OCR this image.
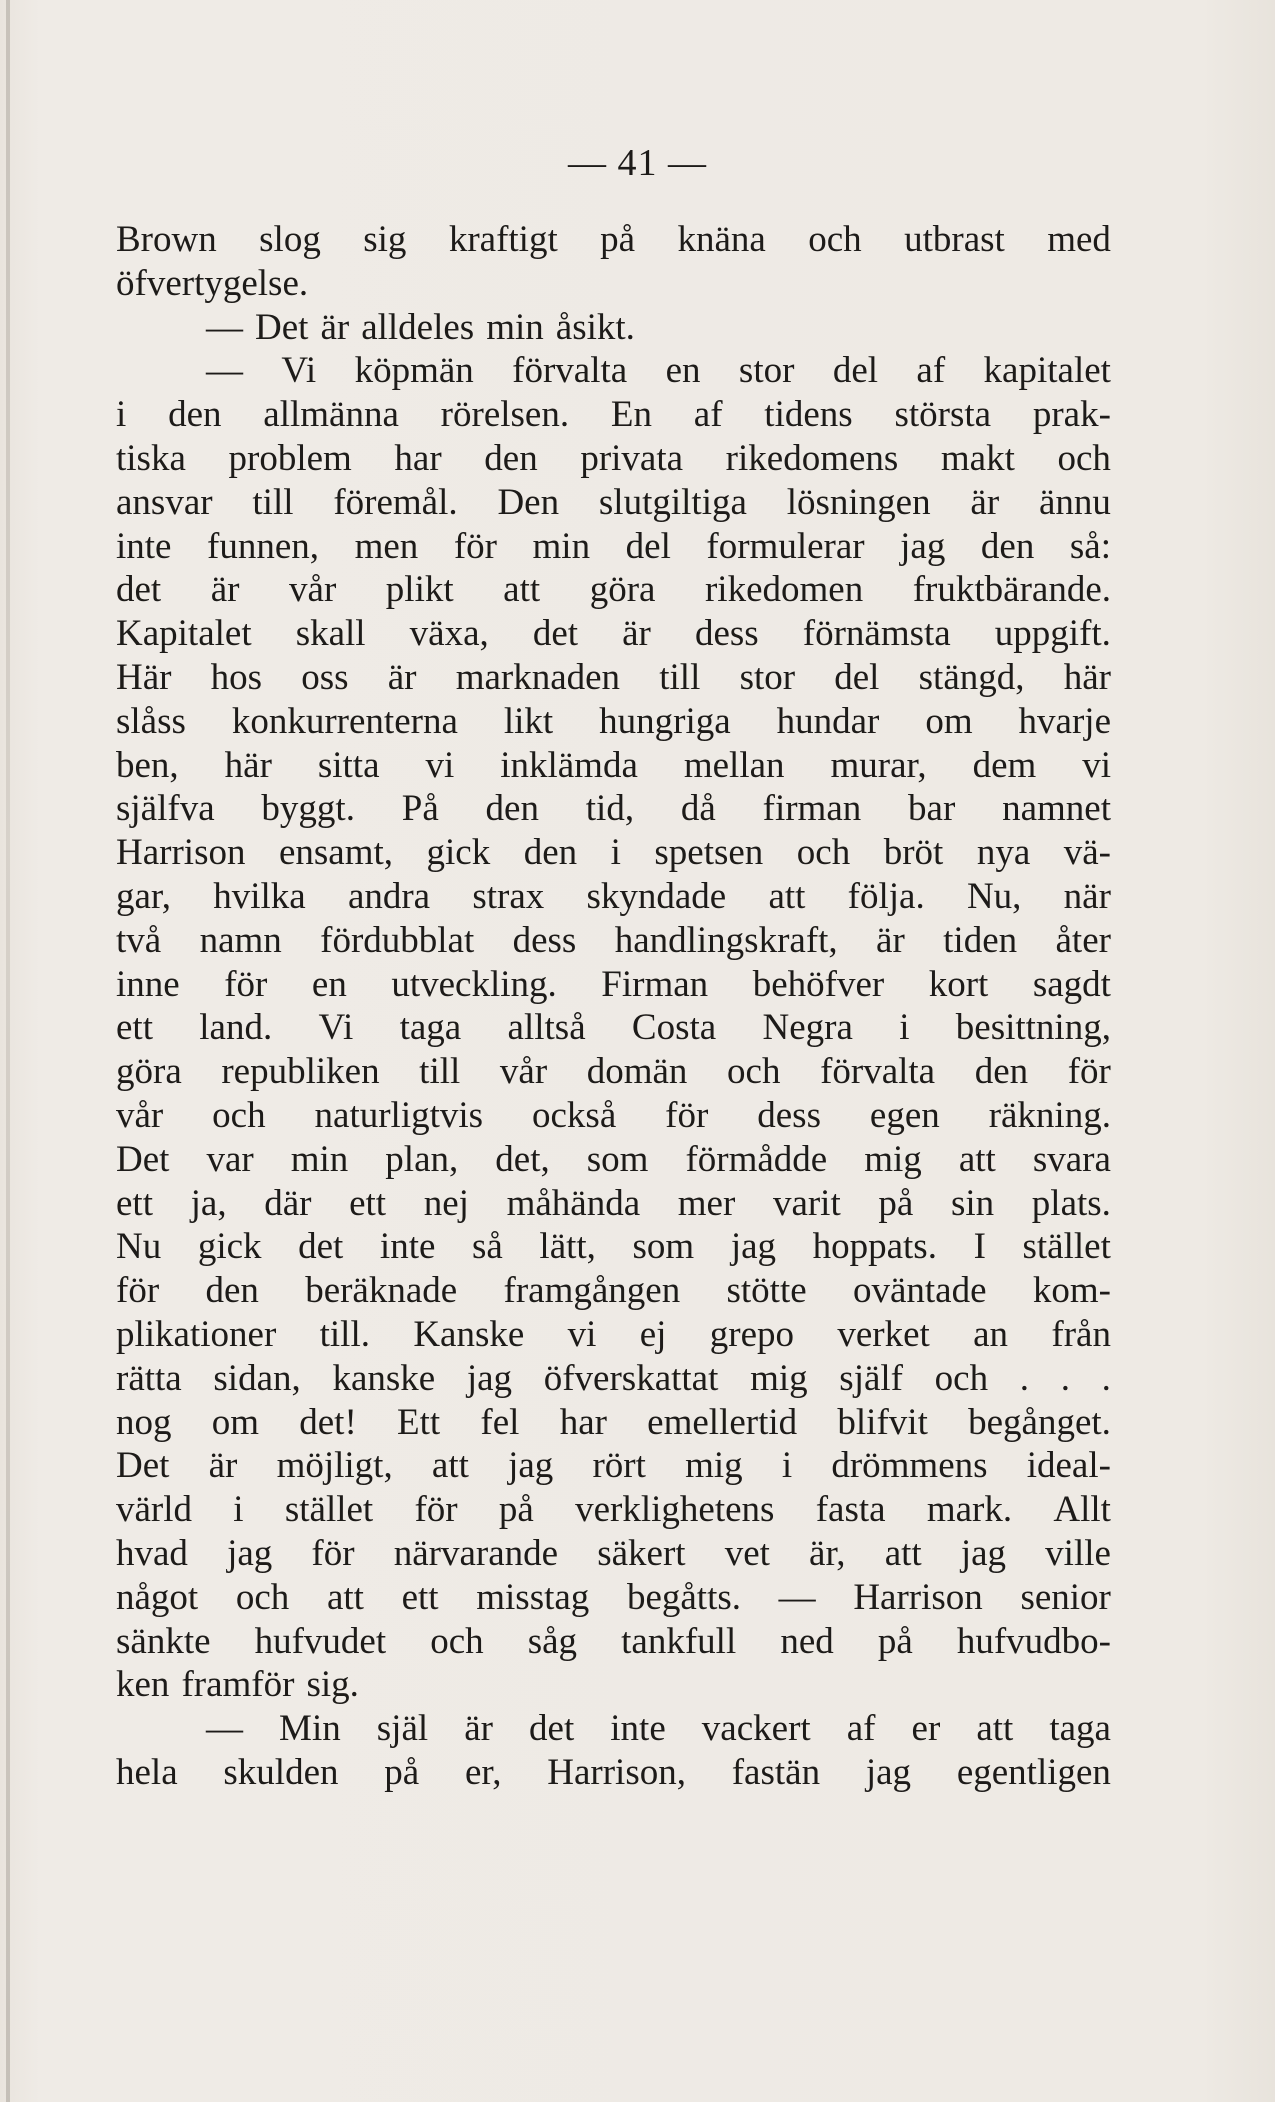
— 41 —
Brown slog sig kraftigt på knäna och utbrast med
öfvertygelse.
— Det är alldeles min åsikt.
— Vi köpmän förvalta en stor del af kapitalet
i den allmänna rörelsen. En af tidens största prak-
tiska problem har den privata rikedomens makt och
ansvar till föremål. Den slutgiltiga lösningen är ännu
inte funnen, men för min del formulerar jag den så:
det är vår plikt att göra rikedomen fruktbärande.
Kapitalet skall växa, det är dess förnämsta uppgift.
Här hos oss är marknaden till stor del stängd, här
slåss konkurrenterna likt hungriga hundar om hvarje
ben, här sitta vi inklämda mellan murar, dem vi
själfva byggt. På den tid, då firman bar namnet
Harrison ensamt, gick den i spetsen och bröt nya vä-
gar, hvilka andra strax skyndade att följa. Nu, när
två namn fördubblat dess handlingskraft, är tiden åter
inne för en utveckling. Firman behöfver kort sagdt
ett land. Vi taga alltså Costa Negra i besittning,
göra republiken till vår domän och förvalta den för
vår och naturligtvis också för dess egen räkning.
Det var min plan, det, som förmådde mig att svara
ett ja, där ett nej måhända mer varit på sin plats.
Nu gick det inte så lätt, som jag hoppats. I stället
för den beräknade framgången stötte oväntade kom-
plikationer till. Kanske vi ej grepo verket an från
rätta sidan, kanske jag öfverskattat mig själf och . . .
nog om det! Ett fel har emellertid blifvit begånget.
Det är möjligt, att jag rört mig i drömmens ideal-
värld i stället för på verklighetens fasta mark. Allt
hvad jag för närvarande säkert vet är, att jag ville
något och att ett misstag begåtts. — Harrison senior
sänkte hufvudet och såg tankfull ned på hufvudbo-
ken framför sig.
— Min själ är det inte vackert af er att taga
hela skulden på er, Harrison, fastän jag egentligen
